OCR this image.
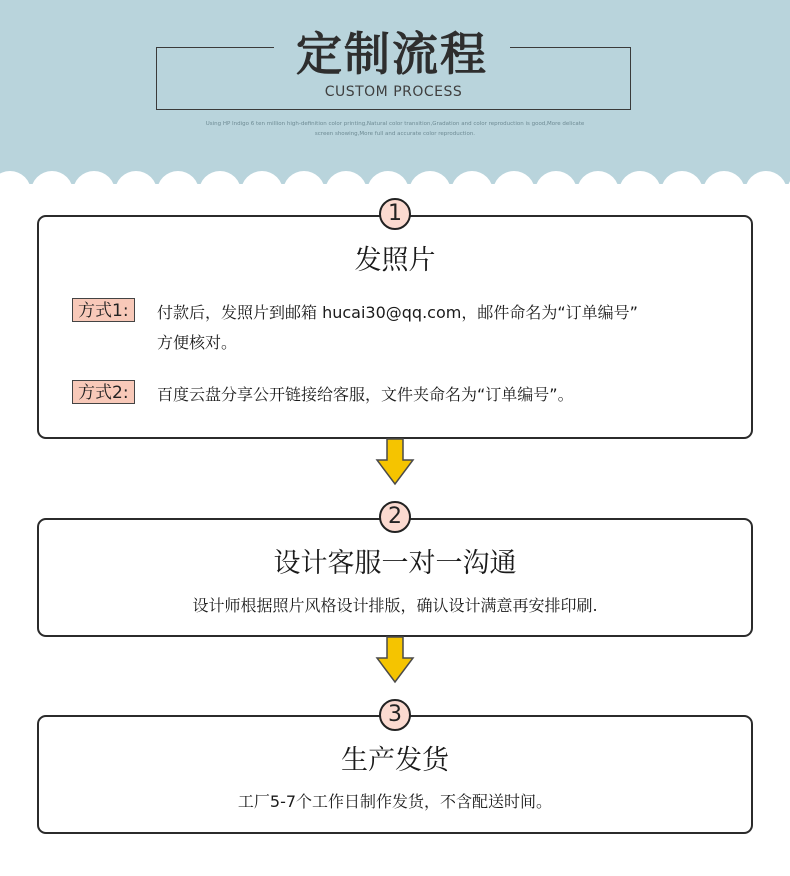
定制流程
CUSTOM PROCESS
Using HP Indigo 6 ten million high-definition color printing,Natural color transition,Gradation and color reproduction is good,More delicate
screen showing,More full and accurate color reproduction.
1
发照片
方式1:	付款后，发照片到邮箱 hucai30@qq.com，邮件命名为“订单编号”
方便核对。
方式2:	百度云盘分享公开链接给客服，文件夹命名为“订单编号”。
2
设计客服一对一沟通
设计师根据照片风格设计排版，确认设计满意再安排印刷.
3
生产发货
工厂5-7个工作日制作发货，不含配送时间。
